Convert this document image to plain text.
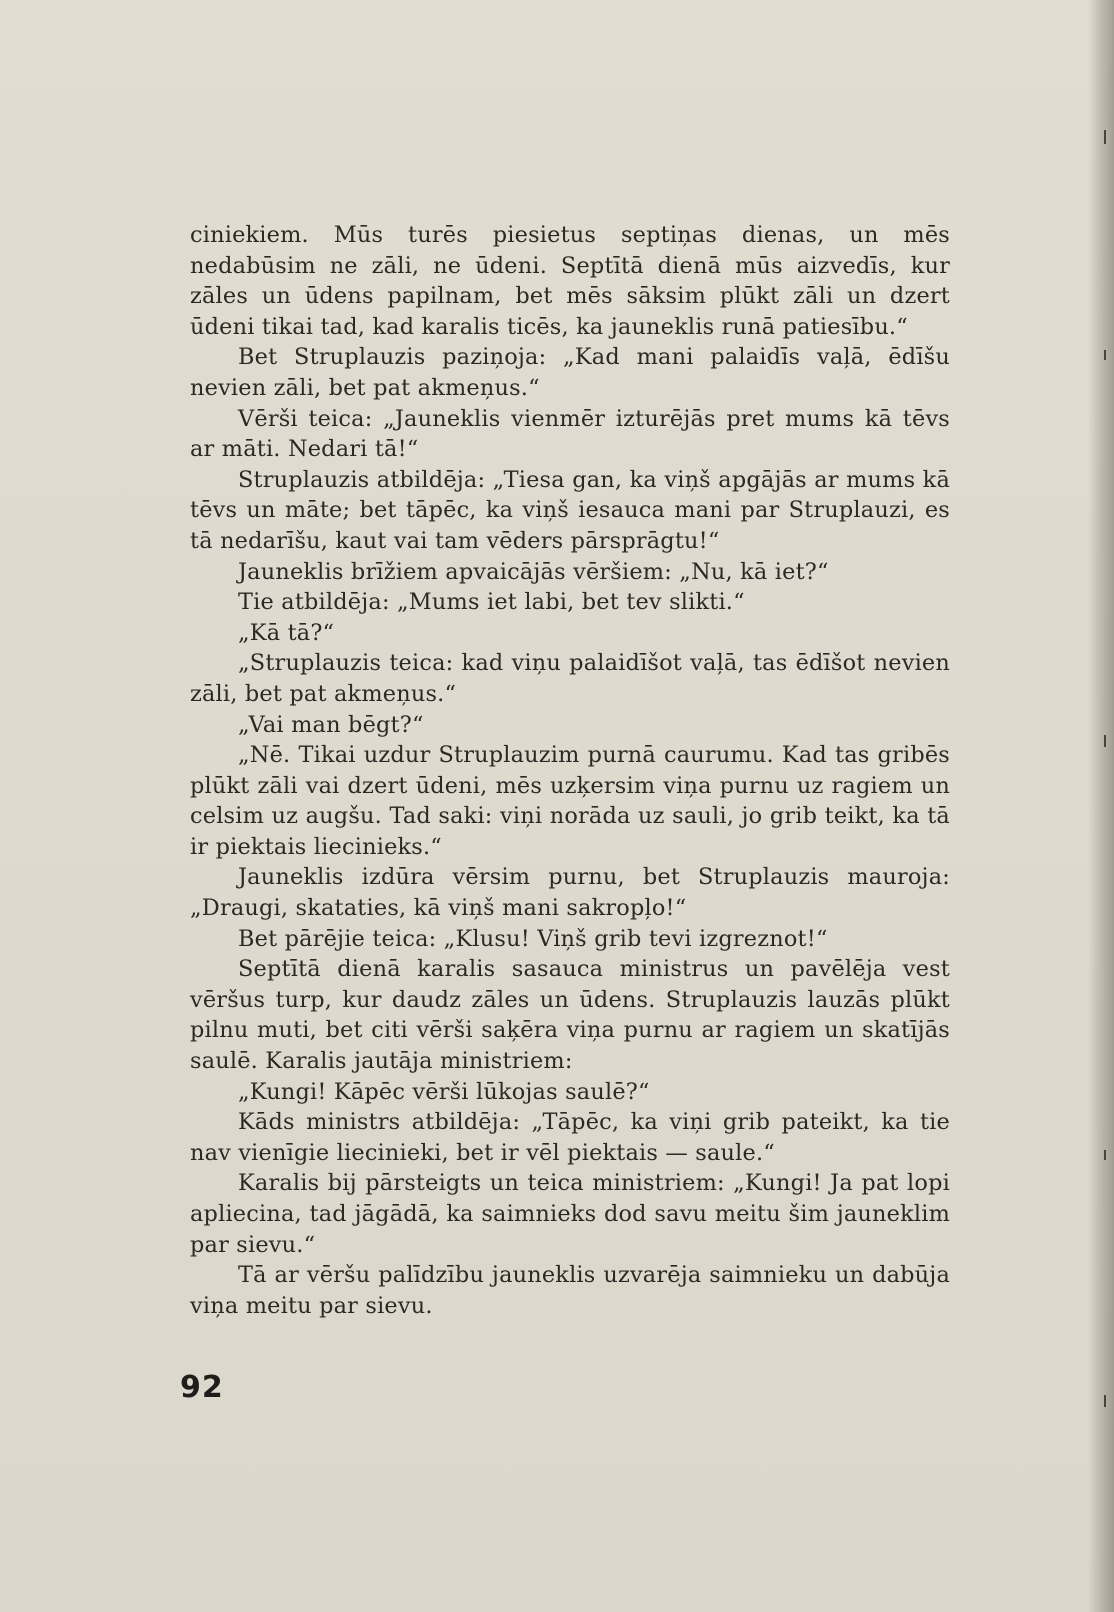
ciniekiem. Mūs turēs piesietus septiņas dienas, un mēs nedabūsim ne zāli, ne ūdeni. Septītā dienā mūs aizvedīs, kur zāles un ūdens papilnam, bet mēs sāksim plūkt zāli un dzert ūdeni tikai tad, kad karalis ticēs, ka jaunеklis runā patiesību.“

Bet Struplauzis paziņoja: „Kad mani palaidīs vaļā, ēdīšu nevien zāli, bet pat akmeņus.“

Vērši teica: „Jaunеklis vienmēr izturējās pret mums kā tēvs ar māti. Nedari tā!“

Struplauzis atbildēja: „Tiesa gan, ka viņš apgājās ar mums kā tēvs un māte; bet tāpēc, ka viņš iesauca mani par Struplauzi, es tā nedarīšu, kaut vai tam vēders pārsprāgtu!“

Jaunеklis brīžiem apvaicājās vēršiem: „Nu, kā iet?“

Tie atbildēja: „Mums iet labi, bet tev slikti.“

„Kā tā?“

„Struplauzis teica: kad viņu palaidīšot vaļā, tas ēdīšot nevien zāli, bet pat akmeņus.“

„Vai man bēgt?“

„Nē. Tikai uzdur Struplauzim purnā caurumu. Kad tas gribēs plūkt zāli vai dzert ūdeni, mēs uzķersim viņa purnu uz ragiem un celsim uz augšu. Tad saki: viņi norāda uz sauli, jo grib teikt, ka tā ir piektais liecinieks.“

Jaunеklis izdūra vērsim purnu, bet Struplauzis mauroja: „Draugi, skatаties, kā viņš mani sakropļo!“

Bet pārējie teica: „Klusu! Viņš grib tevi izgreznot!“

Septītā dienā karalis sasauca ministrus un pavēlēja vest vēršus turp, kur daudz zāles un ūdens. Struplauzis lauzās plūkt pilnu muti, bet citi vērši saķēra viņa purnu ar ragiem un skatījās saulē. Karalis jautāja ministriem:

„Kungi! Kāpēc vērši lūkojas saulē?“

Kāds ministrs atbildēja: „Tāpēc, ka viņi grib pateikt, ka tie nav vienīgie liecinieki, bet ir vēl piektais — saule.“

Karalis bij pārsteigts un teica ministriem: „Kungi! Ja pat lopi apliecina, tad jāgādā, ka saimnieks dod savu meitu šim jaunеklim par sievu.“

Tā ar vēršu palīdzību jaunеklis uzvarēja saimnieku un dabūja viņa meitu par sievu.

92
